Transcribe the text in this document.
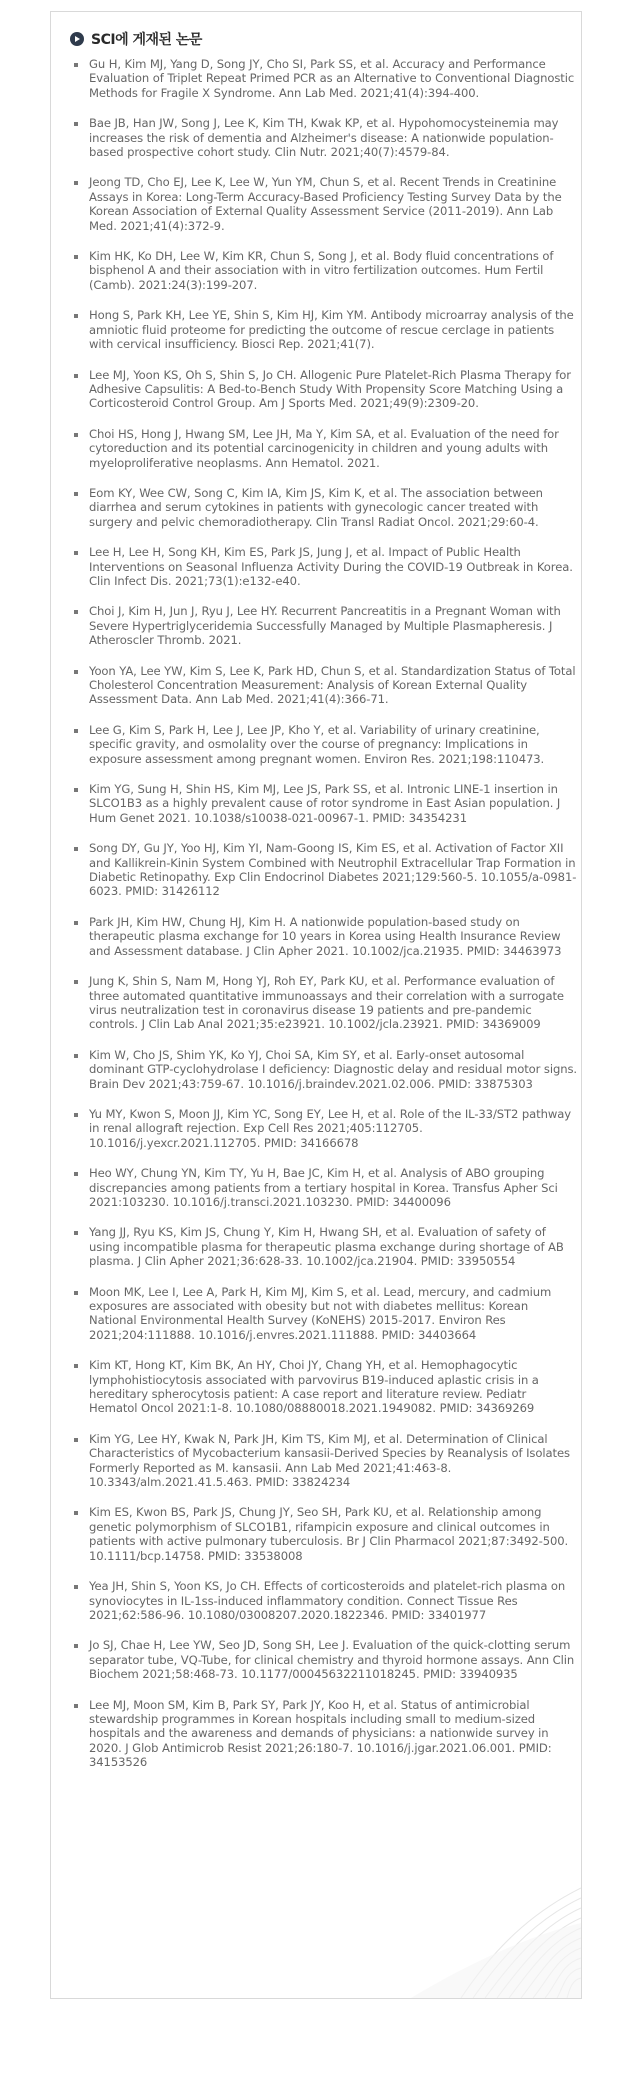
SCI에 게재된 논문
Gu H, Kim MJ, Yang D, Song JY, Cho SI, Park SS, et al. Accuracy and Performance Evaluation of Triplet Repeat Primed PCR as an Alternative to Conventional Diagnostic Methods for Fragile X Syndrome. Ann Lab Med. 2021;41(4):394-400.
Bae JB, Han JW, Song J, Lee K, Kim TH, Kwak KP, et al. Hypohomocysteinemia may increases the risk of dementia and Alzheimer's disease: A nationwide population-based prospective cohort study. Clin Nutr. 2021;40(7):4579-84.
Jeong TD, Cho EJ, Lee K, Lee W, Yun YM, Chun S, et al. Recent Trends in Creatinine Assays in Korea: Long-Term Accuracy-Based Proficiency Testing Survey Data by the Korean Association of External Quality Assessment Service (2011-2019). Ann Lab Med. 2021;41(4):372-9.
Kim HK, Ko DH, Lee W, Kim KR, Chun S, Song J, et al. Body fluid concentrations of bisphenol A and their association with in vitro fertilization outcomes. Hum Fertil (Camb). 2021:24(3):199-207.
Hong S, Park KH, Lee YE, Shin S, Kim HJ, Kim YM. Antibody microarray analysis of the amniotic fluid proteome for predicting the outcome of rescue cerclage in patients with cervical insufficiency. Biosci Rep. 2021;41(7).
Lee MJ, Yoon KS, Oh S, Shin S, Jo CH. Allogenic Pure Platelet-Rich Plasma Therapy for Adhesive Capsulitis: A Bed-to-Bench Study With Propensity Score Matching Using a Corticosteroid Control Group. Am J Sports Med. 2021;49(9):2309-20.
Choi HS, Hong J, Hwang SM, Lee JH, Ma Y, Kim SA, et al. Evaluation of the need for cytoreduction and its potential carcinogenicity in children and young adults with myeloproliferative neoplasms. Ann Hematol. 2021.
Eom KY, Wee CW, Song C, Kim IA, Kim JS, Kim K, et al. The association between diarrhea and serum cytokines in patients with gynecologic cancer treated with surgery and pelvic chemoradiotherapy. Clin Transl Radiat Oncol. 2021;29:60-4.
Lee H, Lee H, Song KH, Kim ES, Park JS, Jung J, et al. Impact of Public Health Interventions on Seasonal Influenza Activity During the COVID-19 Outbreak in Korea. Clin Infect Dis. 2021;73(1):e132-e40.
Choi J, Kim H, Jun J, Ryu J, Lee HY. Recurrent Pancreatitis in a Pregnant Woman with Severe Hypertriglyceridemia Successfully Managed by Multiple Plasmapheresis. J Atheroscler Thromb. 2021.
Yoon YA, Lee YW, Kim S, Lee K, Park HD, Chun S, et al. Standardization Status of Total Cholesterol Concentration Measurement: Analysis of Korean External Quality Assessment Data. Ann Lab Med. 2021;41(4):366-71.
Lee G, Kim S, Park H, Lee J, Lee JP, Kho Y, et al. Variability of urinary creatinine, specific gravity, and osmolality over the course of pregnancy: Implications in exposure assessment among pregnant women. Environ Res. 2021;198:110473.
Kim YG, Sung H, Shin HS, Kim MJ, Lee JS, Park SS, et al. Intronic LINE-1 insertion in SLCO1B3 as a highly prevalent cause of rotor syndrome in East Asian population. J Hum Genet 2021. 10.1038/s10038-021-00967-1. PMID: 34354231
Song DY, Gu JY, Yoo HJ, Kim YI, Nam-Goong IS, Kim ES, et al. Activation of Factor XII and Kallikrein-Kinin System Combined with Neutrophil Extracellular Trap Formation in Diabetic Retinopathy. Exp Clin Endocrinol Diabetes 2021;129:560-5. 10.1055/a-0981-6023. PMID: 31426112
Park JH, Kim HW, Chung HJ, Kim H. A nationwide population-based study on therapeutic plasma exchange for 10 years in Korea using Health Insurance Review and Assessment database. J Clin Apher 2021. 10.1002/jca.21935. PMID: 34463973
Jung K, Shin S, Nam M, Hong YJ, Roh EY, Park KU, et al. Performance evaluation of three automated quantitative immunoassays and their correlation with a surrogate virus neutralization test in coronavirus disease 19 patients and pre-pandemic controls. J Clin Lab Anal 2021;35:e23921. 10.1002/jcla.23921. PMID: 34369009
Kim W, Cho JS, Shim YK, Ko YJ, Choi SA, Kim SY, et al. Early-onset autosomal dominant GTP-cyclohydrolase I deficiency: Diagnostic delay and residual motor signs. Brain Dev 2021;43:759-67. 10.1016/j.braindev.2021.02.006. PMID: 33875303
Yu MY, Kwon S, Moon JJ, Kim YC, Song EY, Lee H, et al. Role of the IL-33/ST2 pathway in renal allograft rejection. Exp Cell Res 2021;405:112705. 10.1016/j.yexcr.2021.112705. PMID: 34166678
Heo WY, Chung YN, Kim TY, Yu H, Bae JC, Kim H, et al. Analysis of ABO grouping discrepancies among patients from a tertiary hospital in Korea. Transfus Apher Sci 2021:103230. 10.1016/j.transci.2021.103230. PMID: 34400096
Yang JJ, Ryu KS, Kim JS, Chung Y, Kim H, Hwang SH, et al. Evaluation of safety of using incompatible plasma for therapeutic plasma exchange during shortage of AB plasma. J Clin Apher 2021;36:628-33. 10.1002/jca.21904. PMID: 33950554
Moon MK, Lee I, Lee A, Park H, Kim MJ, Kim S, et al. Lead, mercury, and cadmium exposures are associated with obesity but not with diabetes mellitus: Korean National Environmental Health Survey (KoNEHS) 2015-2017. Environ Res 2021;204:111888. 10.1016/j.envres.2021.111888. PMID: 34403664
Kim KT, Hong KT, Kim BK, An HY, Choi JY, Chang YH, et al. Hemophagocytic lymphohistiocytosis associated with parvovirus B19-induced aplastic crisis in a hereditary spherocytosis patient: A case report and literature review. Pediatr Hematol Oncol 2021:1-8. 10.1080/08880018.2021.1949082. PMID: 34369269
Kim YG, Lee HY, Kwak N, Park JH, Kim TS, Kim MJ, et al. Determination of Clinical Characteristics of Mycobacterium kansasii-Derived Species by Reanalysis of Isolates Formerly Reported as M. kansasii. Ann Lab Med 2021;41:463-8. 10.3343/alm.2021.41.5.463. PMID: 33824234
Kim ES, Kwon BS, Park JS, Chung JY, Seo SH, Park KU, et al. Relationship among genetic polymorphism of SLCO1B1, rifampicin exposure and clinical outcomes in patients with active pulmonary tuberculosis. Br J Clin Pharmacol 2021;87:3492-500. 10.1111/bcp.14758. PMID: 33538008
Yea JH, Shin S, Yoon KS, Jo CH. Effects of corticosteroids and platelet-rich plasma on synoviocytes in IL-1ss-induced inflammatory condition. Connect Tissue Res 2021;62:586-96. 10.1080/03008207.2020.1822346. PMID: 33401977
Jo SJ, Chae H, Lee YW, Seo JD, Song SH, Lee J. Evaluation of the quick-clotting serum separator tube, VQ-Tube, for clinical chemistry and thyroid hormone assays. Ann Clin Biochem 2021;58:468-73. 10.1177/00045632211018245. PMID: 33940935
Lee MJ, Moon SM, Kim B, Park SY, Park JY, Koo H, et al. Status of antimicrobial stewardship programmes in Korean hospitals including small to medium-sized hospitals and the awareness and demands of physicians: a nationwide survey in 2020. J Glob Antimicrob Resist 2021;26:180-7. 10.1016/j.jgar.2021.06.001. PMID: 34153526
